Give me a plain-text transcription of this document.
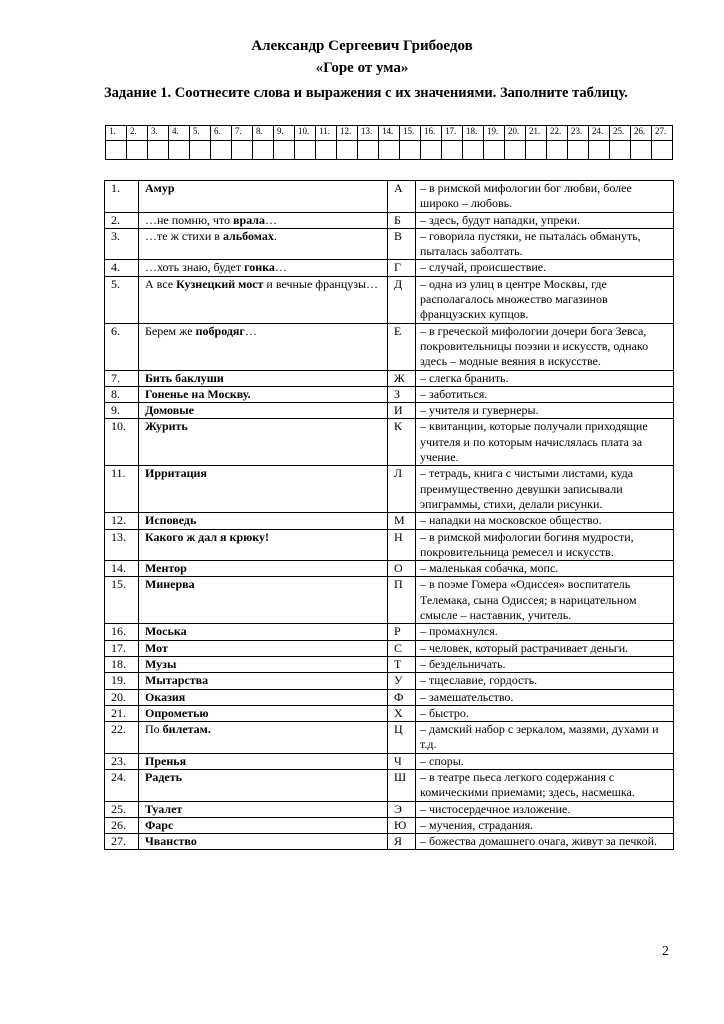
Александр Сергеевич Грибоедов
«Горе от ума»
Задание 1. Соотнесите слова и выражения с их значениями. Заполните таблицу.
1.	2.	3.	4.	5.	6.	7.	8.	9.	10.	11.	12.	13.	14.	15.	16.	17.	18.	19.	20.	21.	22.	23.	24.	25.	26.	27.

1.	Амур	А	– в римской мифологии бог любви, более широко – любовь.
2.	…не помню, что врала…	Б	– здесь, будут нападки, упреки.
3.	…те ж стихи в альбомах.	В	– говорила пустяки, не пыталась обмануть, пыталась заболтать.
4.	…хоть знаю, будет гонка…	Г	– случай, происшествие.
5.	А все Кузнецкий мост и вечные французы…	Д	– одна из улиц в центре Москвы, где располагалось множество магазинов французских купцов.
6.	Берем же побродяг…	Е	– в греческой мифологии дочери бога Зевса, покровительницы поэзии и искусств, однако здесь – модные веяния в искусстве.
7.	Бить баклуши	Ж	– слегка бранить.
8.	Гоненье на Москву.	З	– заботиться.
9.	Домовые	И	– учителя и гувернеры.
10.	Журить	К	– квитанции, которые получали приходящие учителя и по которым начислялась плата за учение.
11.	Ирритация	Л	– тетрадь, книга с чистыми листами, куда преимущественно девушки записывали эпиграммы, стихи, делали рисунки.
12.	Исповедь	М	– нападки на московское общество.
13.	Какого ж дал я крюку!	Н	– в римской мифологии богиня мудрости, покровительница ремесел и искусств.
14.	Ментор	О	– маленькая собачка, мопс.
15.	Минерва	П	– в поэме Гомера «Одиссея» воспитатель Телемака, сына Одиссея; в нарицательном смысле – наставник, учитель.
16.	Моська	Р	– промахнулся.
17.	Мот	С	– человек, который растрачивает деньги.
18.	Музы	Т	– бездельничать.
19.	Мытарства	У	– тщеславие, гордость.
20.	Оказия	Ф	– замешательство.
21.	Опрометью	Х	– быстро.
22.	По билетам.	Ц	– дамский набор с зеркалом, мазями, духами и т.д.
23.	Пренья	Ч	– споры.
24.	Радеть	Ш	– в театре пьеса легкого содержания с комическими приемами; здесь, насмешка.
25.	Туалет	Э	– чистосердечное изложение.
26.	Фарс	Ю	– мучения, страдания.
27.	Чванство	Я	– божества домашнего очага, живут за печкой.
2
